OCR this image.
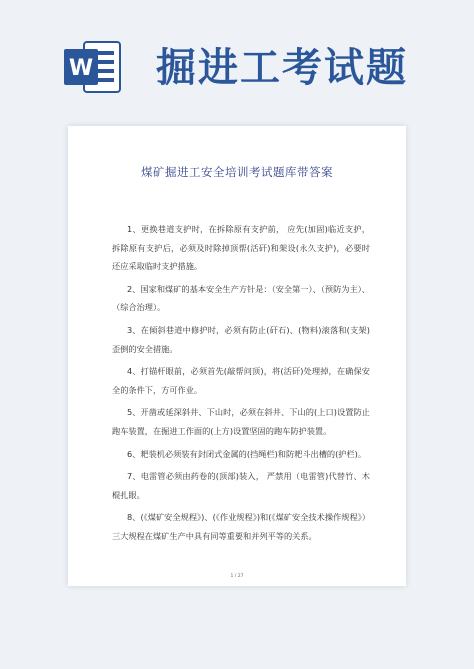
W 掘进工考试题

煤矿掘进工安全培训考试题库带答案

1、更换巷道支护时，在拆除原有支护前， 应先(加固)临近支护，拆除原有支护后，必须及时除掉顶帮(活矸)和架设(永久支护)，必要时还应采取临时支护措施。

2、国家和煤矿的基本安全生产方针是：（安全第一）、（预防为主）、（综合治理）。

3、在倾斜巷道中修护时，必须有防止(矸石)、(物料)滚落和(支架)歪倒的安全措施。

4、打锚杆眼前，必须首先(敲帮问顶)，将(活矸)处理掉，在确保安全的条件下，方可作业。

5、开凿或延深斜井、下山时，必须在斜井、下山的(上口)设置防止跑车装置，在掘进工作面的(上方)设置坚固的跑车防护装置。

6、耙装机必须装有封闭式金属的(挡绳栏)和防耙斗出槽的(护栏)。

7、电雷管必须由药卷的(顶部)装入， 严禁用（电雷管)代替竹、木棍扎眼。

8、(《煤矿安全规程》)、(《作业规程》)和(《煤矿安全技术操作规程》）三大规程在煤矿生产中具有同等重要和并列平等的关系。

1 / 27
